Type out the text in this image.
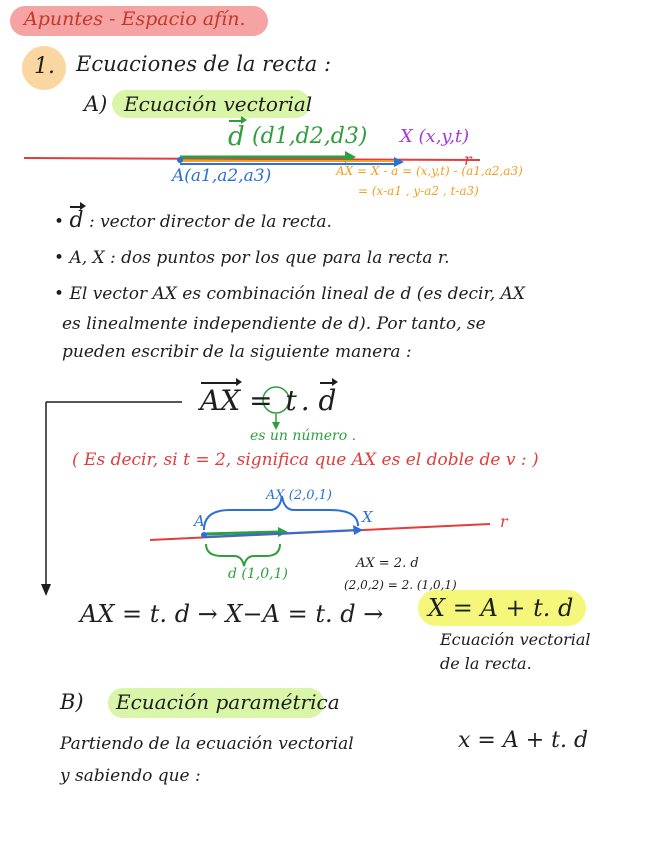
Apuntes - Espacio afín.
1. Ecuaciones de la recta :
A) Ecuación vectorial
d (d1,d2,d3) X (x,y,t)
r
A(a1,a2,a3)	AX = X - a = (x,y,t) - (a1,a2,a3)
= (x-a1 , y-a2 , t-a3)
• d : vector director de la recta.
• A, X : dos puntos por los que para la recta r.
• El vector AX es combinación lineal de d (es decir, AX
es linealmente independiente de d). Por tanto, se
pueden escribir de la siguiente manera :
AX = t . d
es un número .
( Es decir, si t = 2, significa que AX es el doble de v : )
AX (2,0,1)
A	X	r
d (1,0,1)
AX = 2. d
(2,0,2) = 2. (1,0,1)
AX = t. d → X−A = t. d → X = A + t. d
Ecuación vectorial
de la recta.
B) Ecuación paramétrica
Partiendo de la ecuación vectorial	x = A + t. d
y sabiendo que :
